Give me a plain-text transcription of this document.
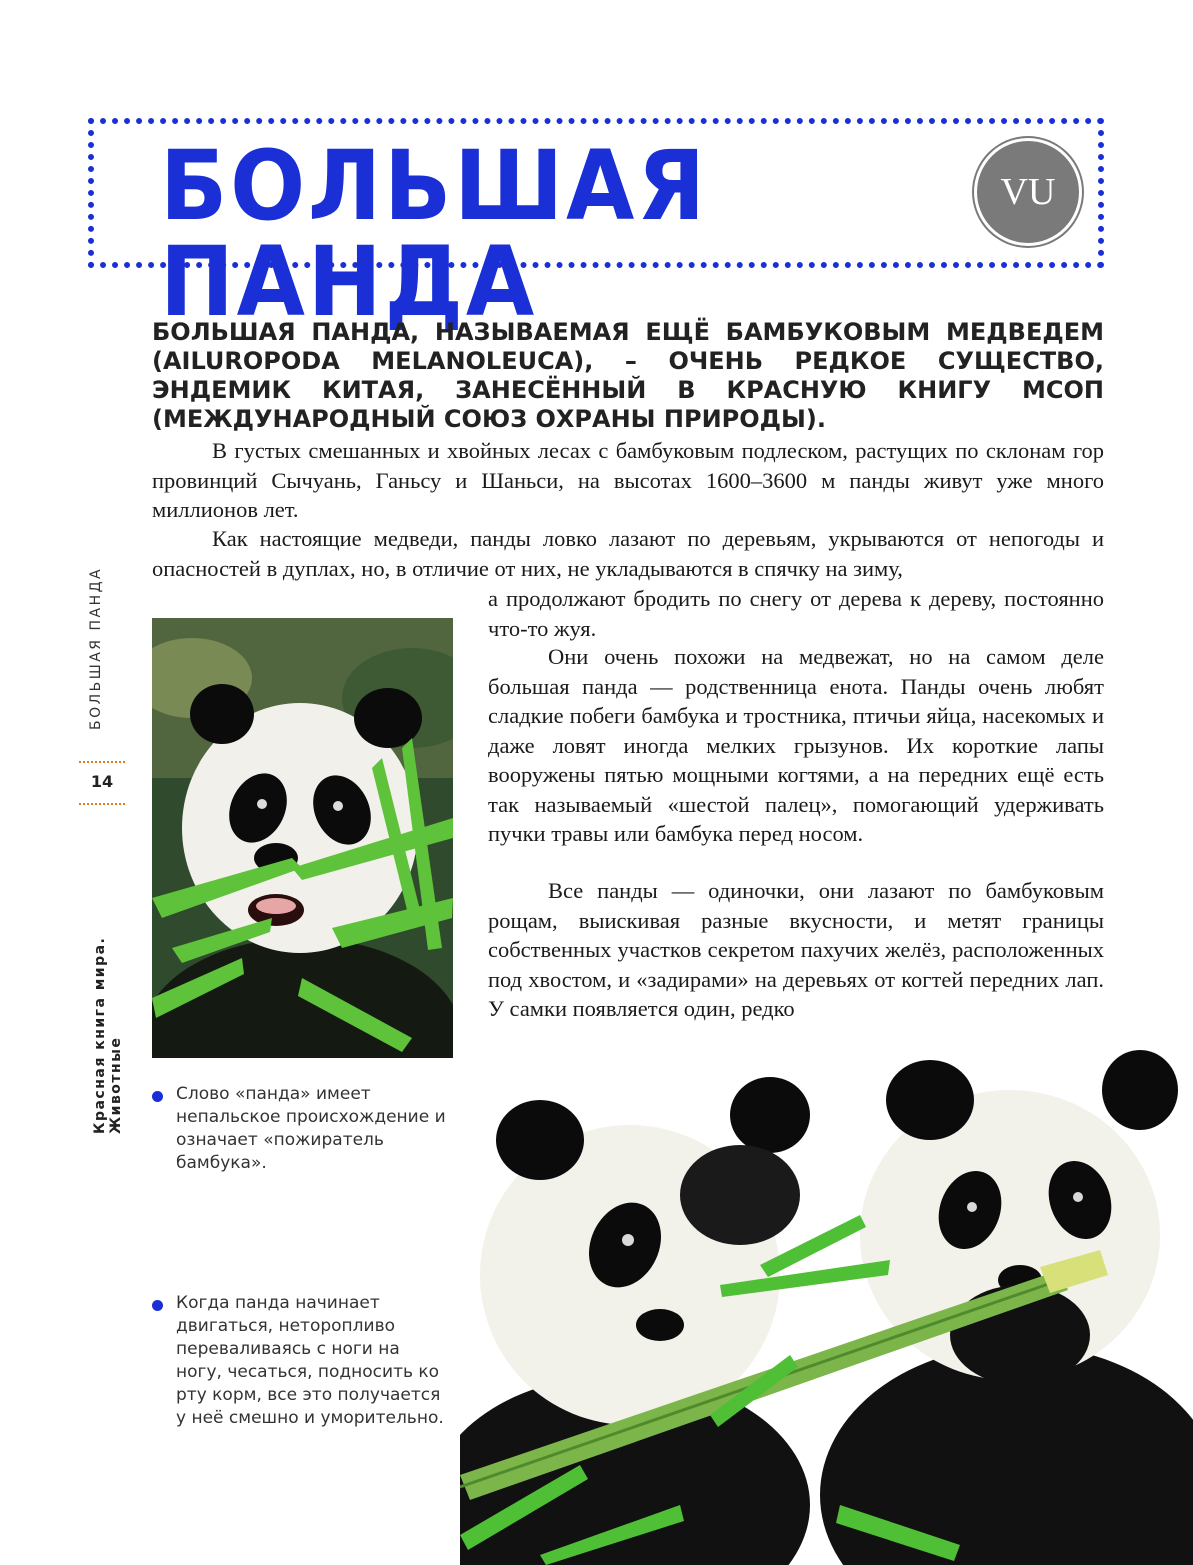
БОЛЬШАЯ ПАНДА
VU

БОЛЬШАЯ ПАНДА, НАЗЫВАЕМАЯ ЕЩЁ БАМБУКОВЫМ МЕДВЕДЕМ (AILUROPODA MELANOLEUCA), – ОЧЕНЬ РЕДКОЕ СУЩЕСТВО, ЭНДЕМИК КИТАЯ, ЗАНЕСЁННЫЙ В КРАСНУЮ КНИГУ МСОП (МЕЖДУНАРОДНЫЙ СОЮЗ ОХРАНЫ ПРИРОДЫ).

В густых смешанных и хвойных лесах с бамбуковым подлеском, растущих по склонам гор провинций Сычуань, Ганьсу и Шаньси, на высотах 1600–3600 м панды живут уже много миллионов лет.

Как настоящие медведи, панды ловко лазают по деревьям, укрываются от непогоды и опасностей в дуплах, но, в отличие от них, не укладываются в спячку на зиму,

а продолжают бродить по снегу от дерева к дереву, постоянно что-то жуя.

Они очень похожи на медвежат, но на самом деле большая панда — родственница енота. Панды очень любят сладкие побеги бамбука и тростника, птичьи яйца, насекомых и даже ловят иногда мелких грызунов. Их короткие лапы вооружены пятью мощными когтями, а на передних ещё есть так называемый «шестой палец», помогающий удерживать пучки травы или бамбука перед носом.

Все панды — одиночки, они лазают по бамбуковым рощам, выискивая разные вкусности, и метят границы собственных участков секретом пахучих желёз, расположенных под хвостом, и «задирами» на деревьях от когтей передних лап. У самки появляется один, редко

БОЛЬШАЯ ПАНДА
14
Красная книга мира. Животные	Слово «панда» имеет непальское происхождение и означает «пожиратель бамбука».

Когда панда начинает двигаться, неторопливо переваливаясь с ноги на ногу, чесаться, подносить ко рту корм, все это получается у неё смешно и уморительно.
